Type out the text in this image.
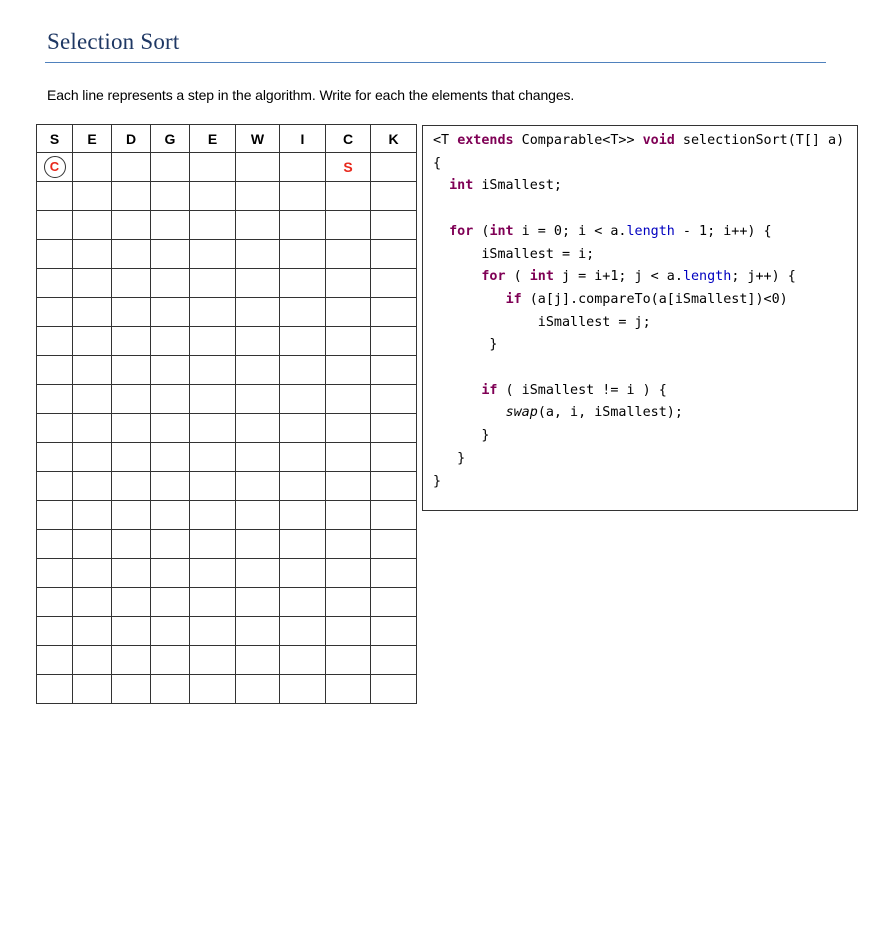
Selection Sort
Each line represents a step in the algorithm. Write for each the elements that changes.
S	E	D	G	E	W	I	C	K
C							S	

<T extends Comparable<T>> void selectionSort(T[] a)
{
int iSmallest;

for (int i = 0; i < a.length - 1; i++) {
iSmallest = i;
for ( int j = i+1; j < a.length; j++) {
if (a[j].compareTo(a[iSmallest])<0)
iSmallest = j;
}

if ( iSmallest != i ) {
swap(a, i, iSmallest);
}
}
}
